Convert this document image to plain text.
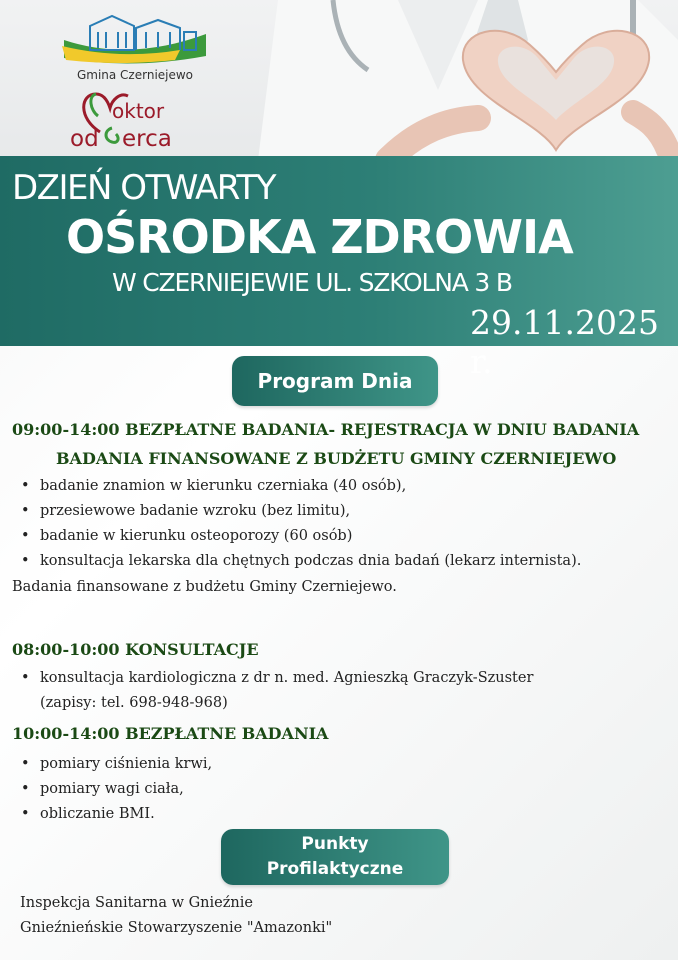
Gmina Czerniejewo
oktor
od erca
DZIEŃ OTWARTY
OŚRODKA ZDROWIA
W CZERNIEJEWIE UL. SZKOLNA 3 B
29.11.2025 r.
Program Dnia
09:00-14:00 BEZPŁATNE BADANIA- REJESTRACJA W DNIU BADANIA
BADANIA FINANSOWANE Z BUDŻETU GMINY CZERNIEJEWO
• badanie znamion w kierunku czerniaka (40 osób),
• przesiewowe badanie wzroku (bez limitu),
• badanie w kierunku osteoporozy (60 osób)
• konsultacja lekarska dla chętnych podczas dnia badań (lekarz internista).
Badania finansowane z budżetu Gminy Czerniejewo.
08:00-10:00 KONSULTACJE
• konsultacja kardiologiczna z dr n. med. Agnieszką Graczyk-Szuster
(zapisy: tel. 698-948-968)
10:00-14:00 BEZPŁATNE BADANIA
• pomiary ciśnienia krwi,
• pomiary wagi ciała,
• obliczanie BMI.
Punkty
Profilaktyczne
Inspekcja Sanitarna w Gnieźnie
Gnieźnieńskie Stowarzyszenie "Amazonki"
